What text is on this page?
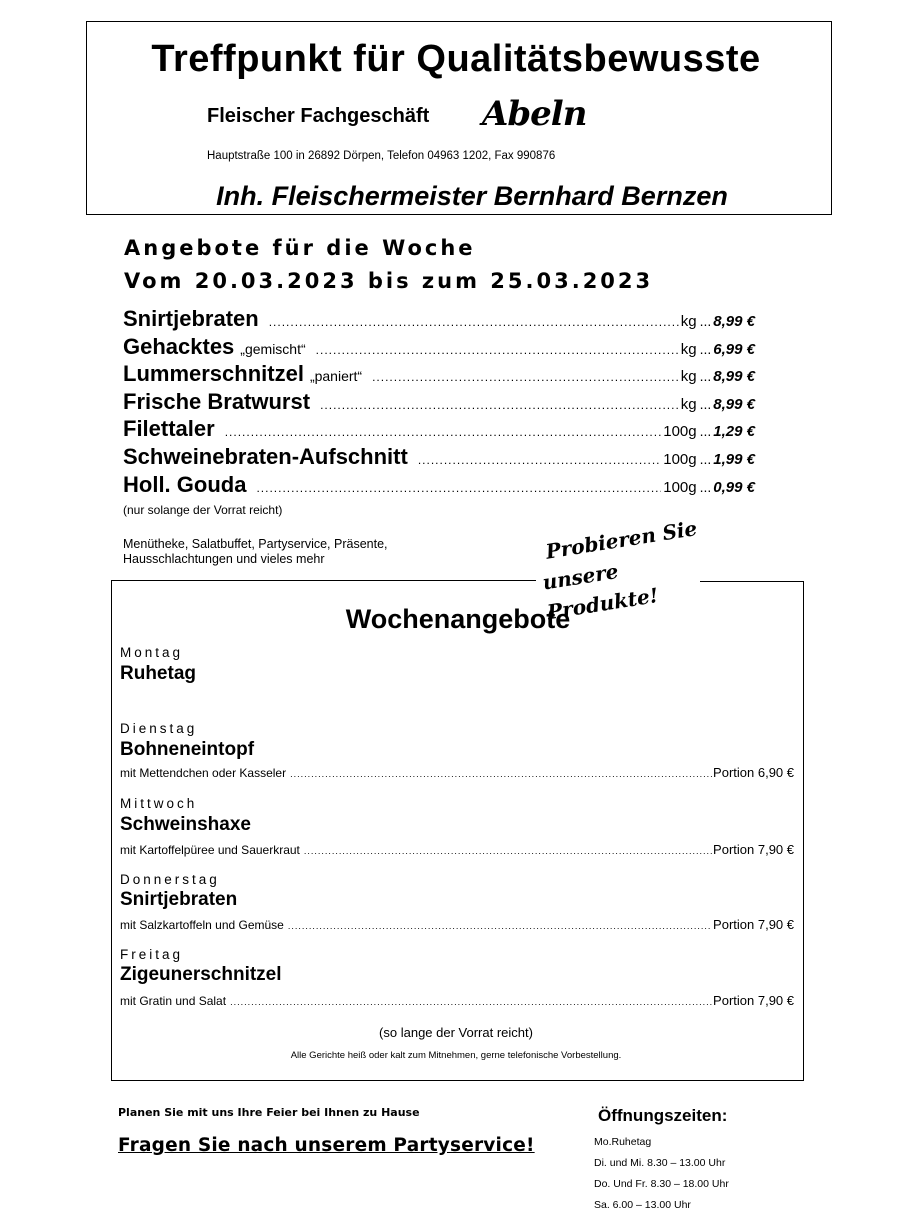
Treffpunkt für Qualitätsbewusste
Fleischer Fachgeschäft Abeln
Hauptstraße 100 in 26892 Dörpen, Telefon 04963 1202, Fax 990876
Inh. Fleischermeister Bernhard Bernzen
Angebote für die Woche
Vom 20.03.2023 bis zum 25.03.2023
Snirtjebraten .....	kg ... 8,99 €
Gehacktes „gemischt“ .....	kg ... 6,99 €
Lummerschnitzel „paniert“ .....	kg ... 8,99 €
Frische Bratwurst .....	kg ... 8,99 €
Filettaler .....	100g ... 1,29 €
Schweinebraten-Aufschnitt .....	100g ... 1,99 €
Holl. Gouda .....	100g ... 0,99 €
(nur solange der Vorrat reicht)
Menütheke, Salatbuffet, Partyservice, Präsente,
Hausschlachtungen und vieles mehr	Probieren Sie
unsere Produkte!
Wochenangebote
Montag
Ruhetag
Dienstag
Bohneneintopf
mit Mettendchen oder Kasseler .....	Portion 6,90 €
Mittwoch
Schweinshaxe
mit Kartoffelpüree und Sauerkraut .....	Portion 7,90 €
Donnerstag
Snirtjebraten
mit Salzkartoffeln und Gemüse .....	Portion 7,90 €
Freitag
Zigeunerschnitzel
mit Gratin und Salat .....	Portion 7,90 €
(so lange der Vorrat reicht)
Alle Gerichte heiß oder kalt zum Mitnehmen, gerne telefonische Vorbestellung.
Planen Sie mit uns Ihre Feier bei Ihnen zu Hause
Fragen Sie nach unserem Partyservice!
Öffnungszeiten:
Mo.Ruhetag
Di. und Mi. 8.30 – 13.00 Uhr
Do. Und Fr. 8.30 – 18.00 Uhr
Sa. 6.00 – 13.00 Uhr
